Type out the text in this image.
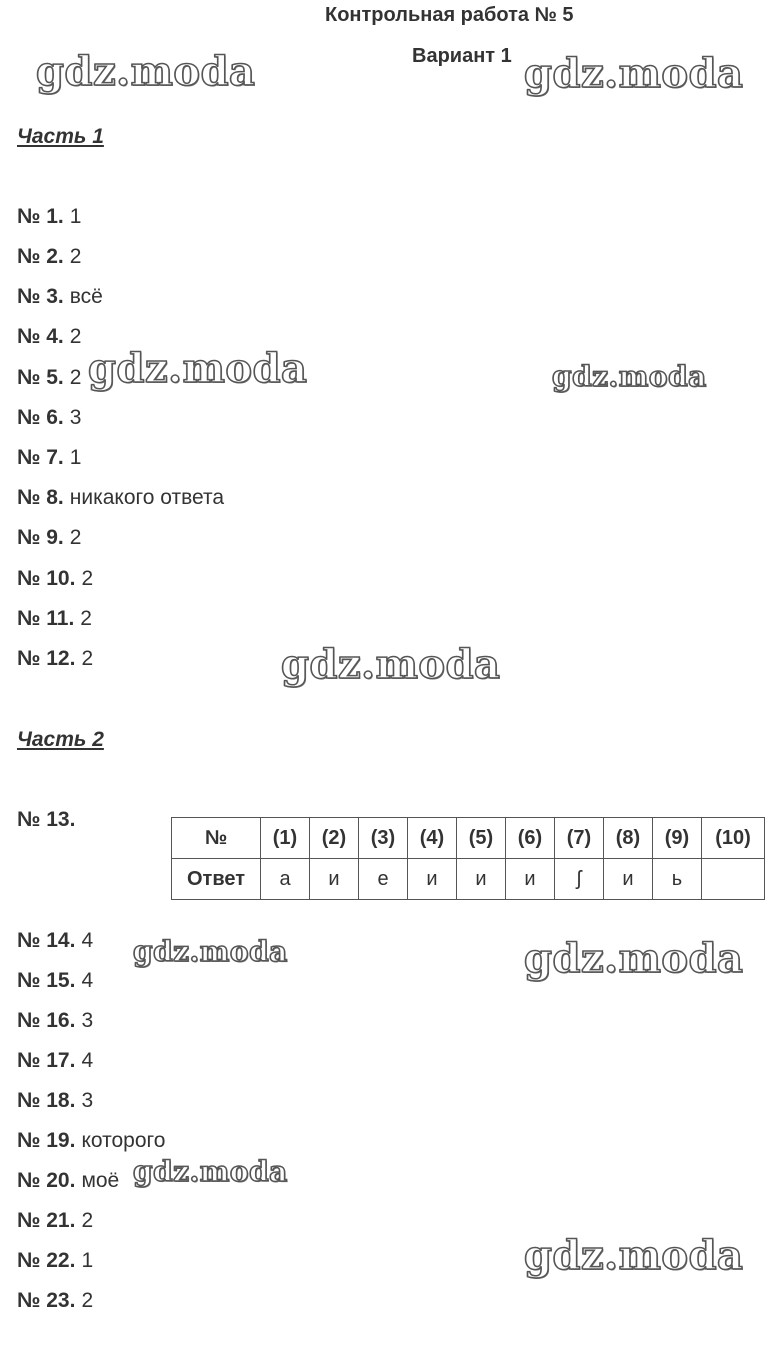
Контрольная работа № 5
Вариант 1
Часть 1
№ 1. 1
№ 2. 2
№ 3. всё
№ 4. 2
№ 5. 2
№ 6. 3
№ 7. 1
№ 8. никакого ответа
№ 9. 2
№ 10. 2
№ 11. 2
№ 12. 2
Часть 2
№ 13.
№	(1)	(2)	(3)	(4)	(5)	(6)	(7)	(8)	(9)	(10)
Ответ	а	и	е	и	и	и	ʃ	и	ь	
№ 14. 4
№ 15. 4
№ 16. 3
№ 17. 4
№ 18. 3
№ 19. которого
№ 20. моё
№ 21. 2
№ 22. 1
№ 23. 2
gdz.moda	gdz.moda
gdz.moda	gdz.moda
gdz.moda
gdz.moda	gdz.moda
gdz.moda
gdz.moda
